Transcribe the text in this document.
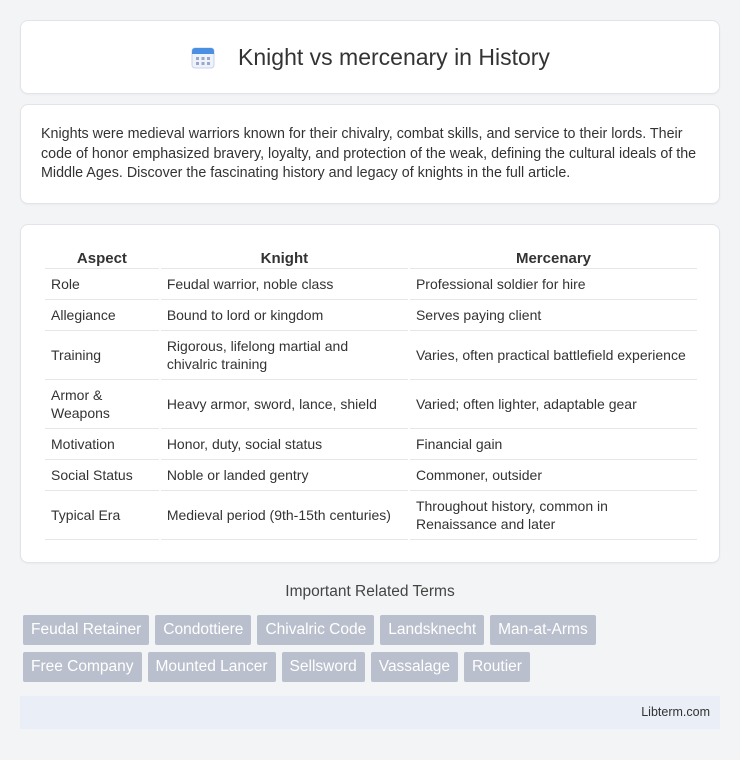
Knight vs mercenary in History

Knights were medieval warriors known for their chivalry, combat skills, and service to their lords. Their code of honor emphasized bravery, loyalty, and protection of the weak, defining the cultural ideals of the Middle Ages. Discover the fascinating history and legacy of knights in the full article.

Aspect	Knight	Mercenary
Role	Feudal warrior, noble class	Professional soldier for hire
Allegiance	Bound to lord or kingdom	Serves paying client
Training	Rigorous, lifelong martial and chivalric training	Varies, often practical battlefield experience
Armor & Weapons	Heavy armor, sword, lance, shield	Varied; often lighter, adaptable gear
Motivation	Honor, duty, social status	Financial gain
Social Status	Noble or landed gentry	Commoner, outsider
Typical Era	Medieval period (9th-15th centuries)	Throughout history, common in Renaissance and later
Important Related Terms
Feudal Retainer	Condottiere	Chivalric Code	Landsknecht	Man-at-Arms
Free Company	Mounted Lancer	Sellsword	Vassalage	Routier
Libterm.com
